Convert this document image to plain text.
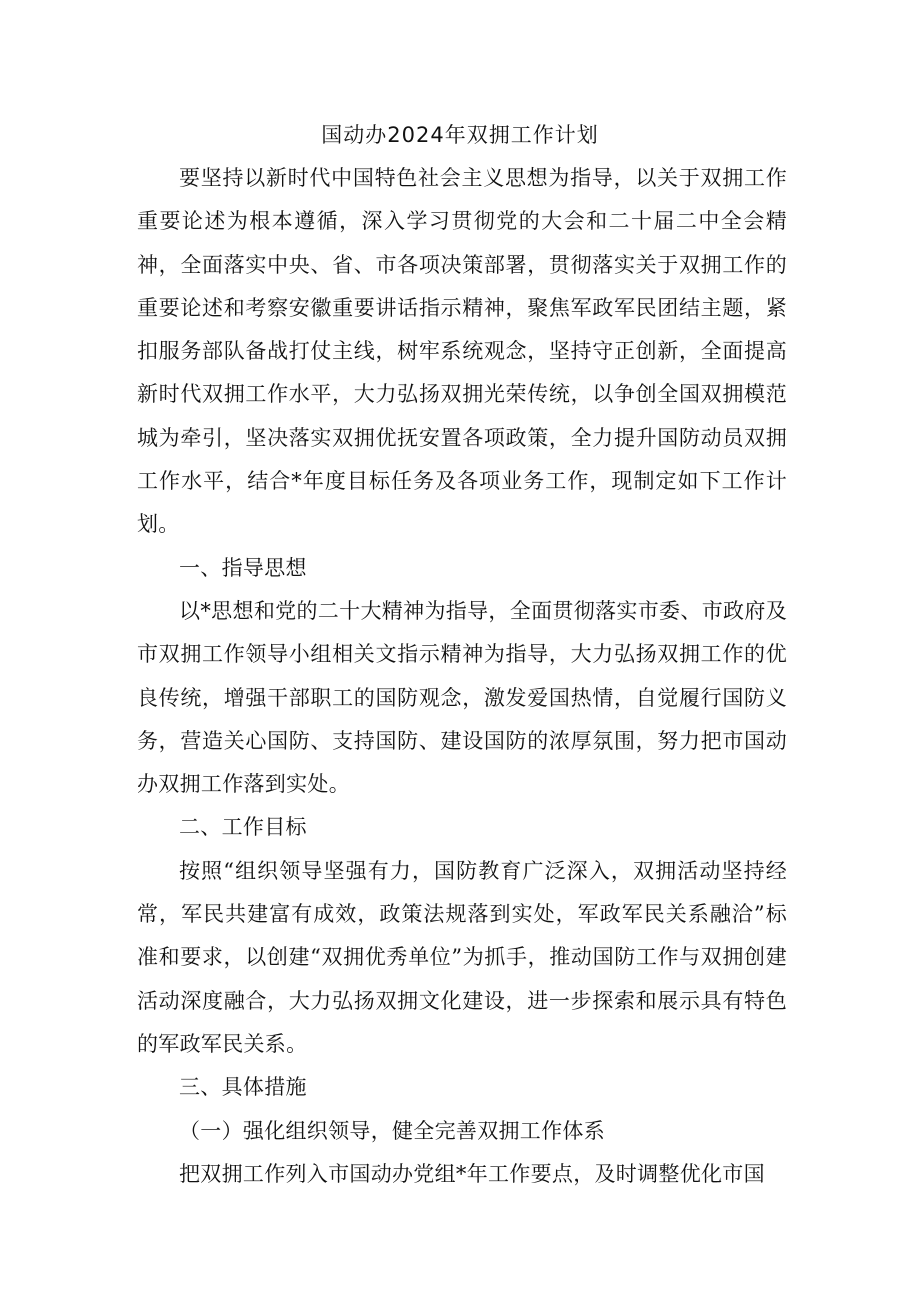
国动办2024年双拥工作计划

要坚持以新时代中国特色社会主义思想为指导，以关于双拥工作重要论述为根本遵循，深入学习贯彻党的大会和二十届二中全会精神，全面落实中央、省、市各项决策部署，贯彻落实关于双拥工作的重要论述和考察安徽重要讲话指示精神，聚焦军政军民团结主题，紧扣服务部队备战打仗主线，树牢系统观念，坚持守正创新，全面提高新时代双拥工作水平，大力弘扬双拥光荣传统，以争创全国双拥模范城为牵引，坚决落实双拥优抚安置各项政策，全力提升国防动员双拥工作水平，结合*年度目标任务及各项业务工作，现制定如下工作计划。

一、指导思想

以*思想和党的二十大精神为指导，全面贯彻落实市委、市政府及市双拥工作领导小组相关文指示精神为指导，大力弘扬双拥工作的优良传统，增强干部职工的国防观念，激发爱国热情，自觉履行国防义务，营造关心国防、支持国防、建设国防的浓厚氛围，努力把市国动办双拥工作落到实处。

二、工作目标

按照“组织领导坚强有力，国防教育广泛深入，双拥活动坚持经常，军民共建富有成效，政策法规落到实处，军政军民关系融洽”标准和要求，以创建“双拥优秀单位”为抓手，推动国防工作与双拥创建活动深度融合，大力弘扬双拥文化建设，进一步探索和展示具有特色的军政军民关系。

三、具体措施

（一）强化组织领导，健全完善双拥工作体系

把双拥工作列入市国动办党组*年工作要点，及时调整优化市国
